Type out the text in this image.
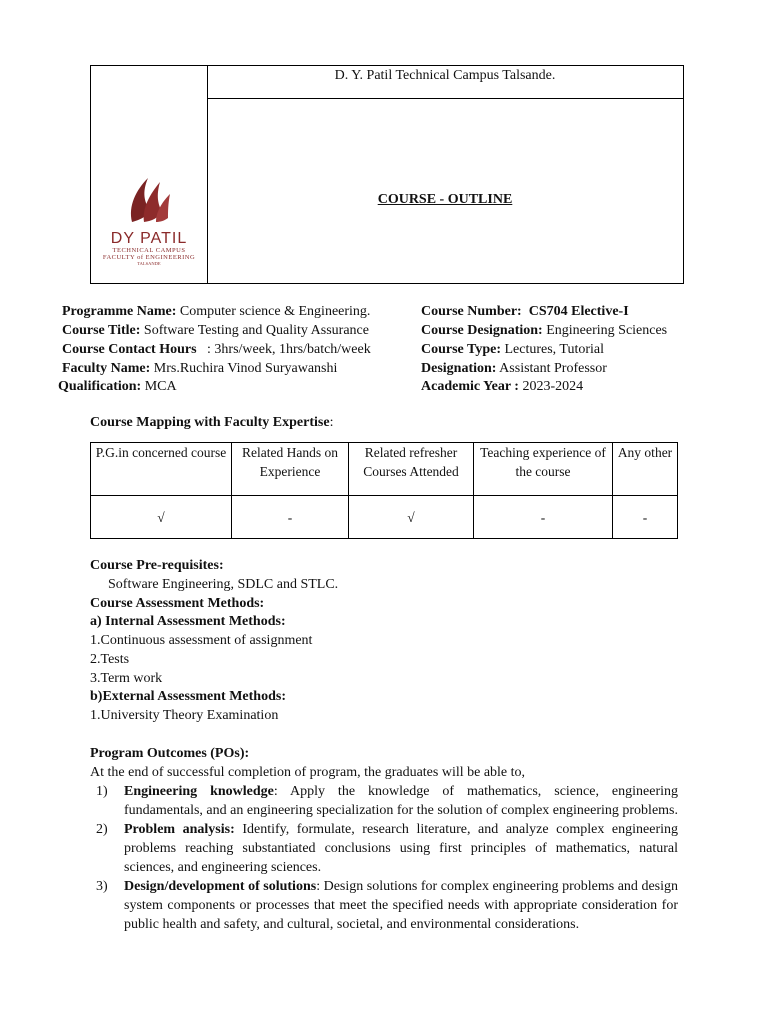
D. Y. Patil Technical Campus Talsande.
COURSE - OUTLINE
DY PATIL
TECHNICAL CAMPUS
FACULTY of ENGINEERING
TALSANDE
Programme Name: Computer science & Engineering.
Course Title: Software Testing and Quality Assurance
Course Contact Hours   : 3hrs/week, 1hrs/batch/week
Faculty Name: Mrs.Ruchira Vinod Suryawanshi
Qualification: MCA
Course Number:  CS704 Elective-I
Course Designation: Engineering Sciences
Course Type: Lectures, Tutorial
Designation: Assistant Professor
Academic Year : 2023-2024
Course Mapping with Faculty Expertise:
P.G.in concerned course	Related Hands on Experience	Related refresher Courses Attended	Teaching experience of the course	Any other
√	-	√	-	-
Course Pre-requisites:
Software Engineering, SDLC and STLC.
Course Assessment Methods:
a) Internal Assessment Methods:
1.Continuous assessment of assignment
2.Tests
3.Term work
b)External Assessment Methods:
1.University Theory Examination
Program Outcomes (POs):
At the end of successful completion of program, the graduates will be able to,
1)	Engineering knowledge: Apply the knowledge of mathematics, science, engineering fundamentals, and an engineering specialization for the solution of complex engineering problems.
2)	Problem analysis: Identify, formulate, research literature, and analyze complex engineering problems reaching substantiated conclusions using first principles of mathematics, natural sciences, and engineering sciences.
3)	Design/development of solutions: Design solutions for complex engineering problems and design system components or processes that meet the specified needs with appropriate consideration for public health and safety, and cultural, societal, and environmental considerations.
